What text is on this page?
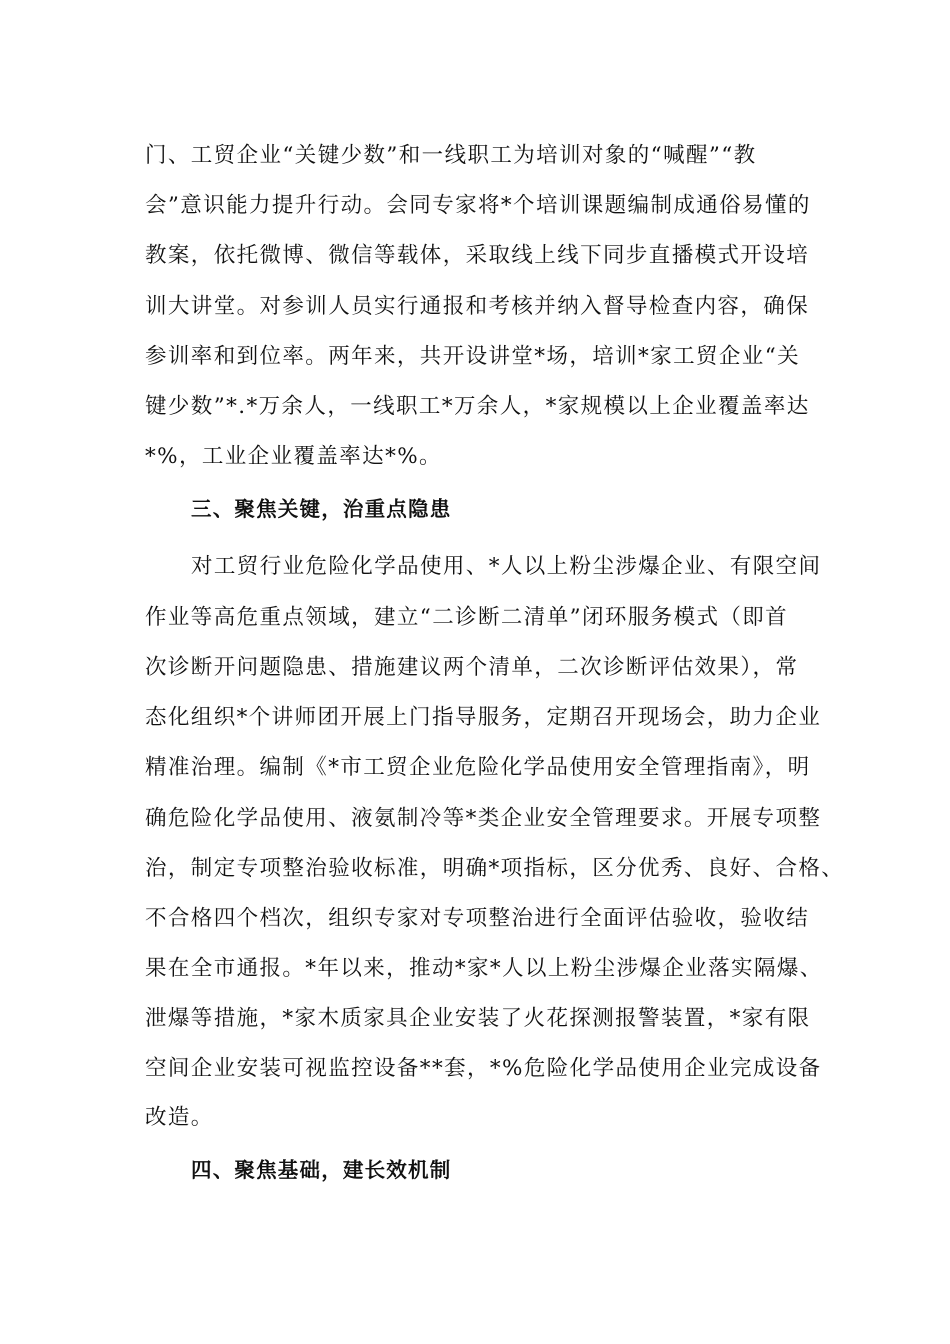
门、工贸企业“关键少数”和一线职工为培训对象的“喊醒”“教
会”意识能力提升行动。会同专家将*个培训课题编制成通俗易懂的
教案，依托微博、微信等载体，采取线上线下同步直播模式开设培
训大讲堂。对参训人员实行通报和考核并纳入督导检查内容，确保
参训率和到位率。两年来，共开设讲堂*场，培训*家工贸企业“关
键少数”*.*万余人，一线职工*万余人，*家规模以上企业覆盖率达
*%，工业企业覆盖率达*%。
三、聚焦关键，治重点隐患
对工贸行业危险化学品使用、*人以上粉尘涉爆企业、有限空间
作业等高危重点领域，建立“二诊断二清单”闭环服务模式（即首
次诊断开问题隐患、措施建议两个清单，二次诊断评估效果），常
态化组织*个讲师团开展上门指导服务，定期召开现场会，助力企业
精准治理。编制《*市工贸企业危险化学品使用安全管理指南》，明
确危险化学品使用、液氨制冷等*类企业安全管理要求。开展专项整
治，制定专项整治验收标准，明确*项指标，区分优秀、良好、合格、
不合格四个档次，组织专家对专项整治进行全面评估验收，验收结
果在全市通报。*年以来，推动*家*人以上粉尘涉爆企业落实隔爆、
泄爆等措施，*家木质家具企业安装了火花探测报警装置，*家有限
空间企业安装可视监控设备**套，*%危险化学品使用企业完成设备
改造。
四、聚焦基础，建长效机制
